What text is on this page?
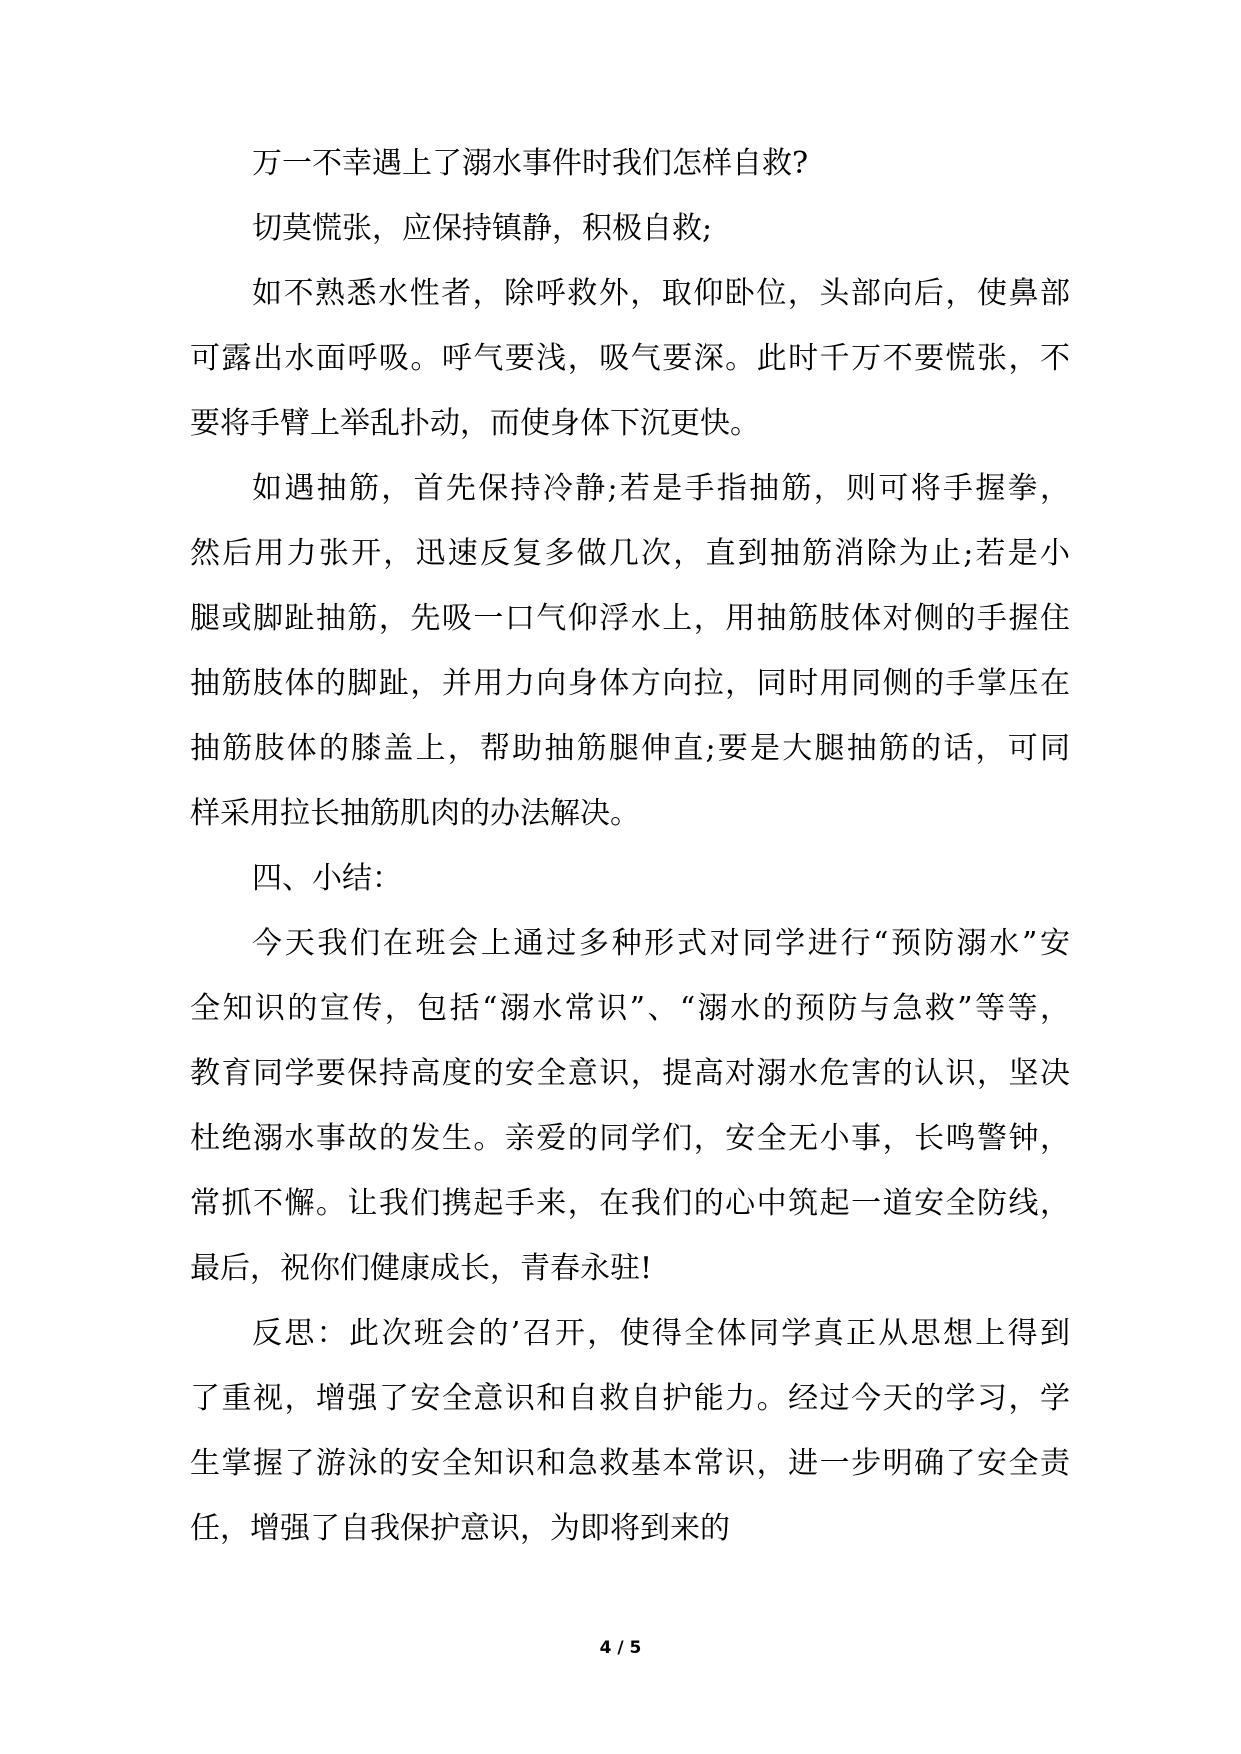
万一不幸遇上了溺水事件时我们怎样自救?
切莫慌张，应保持镇静，积极自救;
如不熟悉水性者，除呼救外，取仰卧位，头部向后，使鼻部
可露出水面呼吸。呼气要浅，吸气要深。此时千万不要慌张，不
要将手臂上举乱扑动，而使身体下沉更快。
如遇抽筋，首先保持冷静;若是手指抽筋，则可将手握拳，
然后用力张开，迅速反复多做几次，直到抽筋消除为止;若是小
腿或脚趾抽筋，先吸一口气仰浮水上，用抽筋肢体对侧的手握住
抽筋肢体的脚趾，并用力向身体方向拉，同时用同侧的手掌压在
抽筋肢体的膝盖上，帮助抽筋腿伸直;要是大腿抽筋的话，可同
样采用拉长抽筋肌肉的办法解决。
四、小结：
今天我们在班会上通过多种形式对同学进行“预防溺水”安
全知识的宣传，包括“溺水常识”、“溺水的预防与急救”等等，
教育同学要保持高度的安全意识，提高对溺水危害的认识，坚决
杜绝溺水事故的发生。亲爱的同学们，安全无小事，长鸣警钟，
常抓不懈。让我们携起手来，在我们的心中筑起一道安全防线，
最后，祝你们健康成长，青春永驻!
反思：此次班会的’召开，使得全体同学真正从思想上得到
了重视，增强了安全意识和自救自护能力。经过今天的学习，学
生掌握了游泳的安全知识和急救基本常识，进一步明确了安全责
任，增强了自我保护意识，为即将到来的
4 / 5
